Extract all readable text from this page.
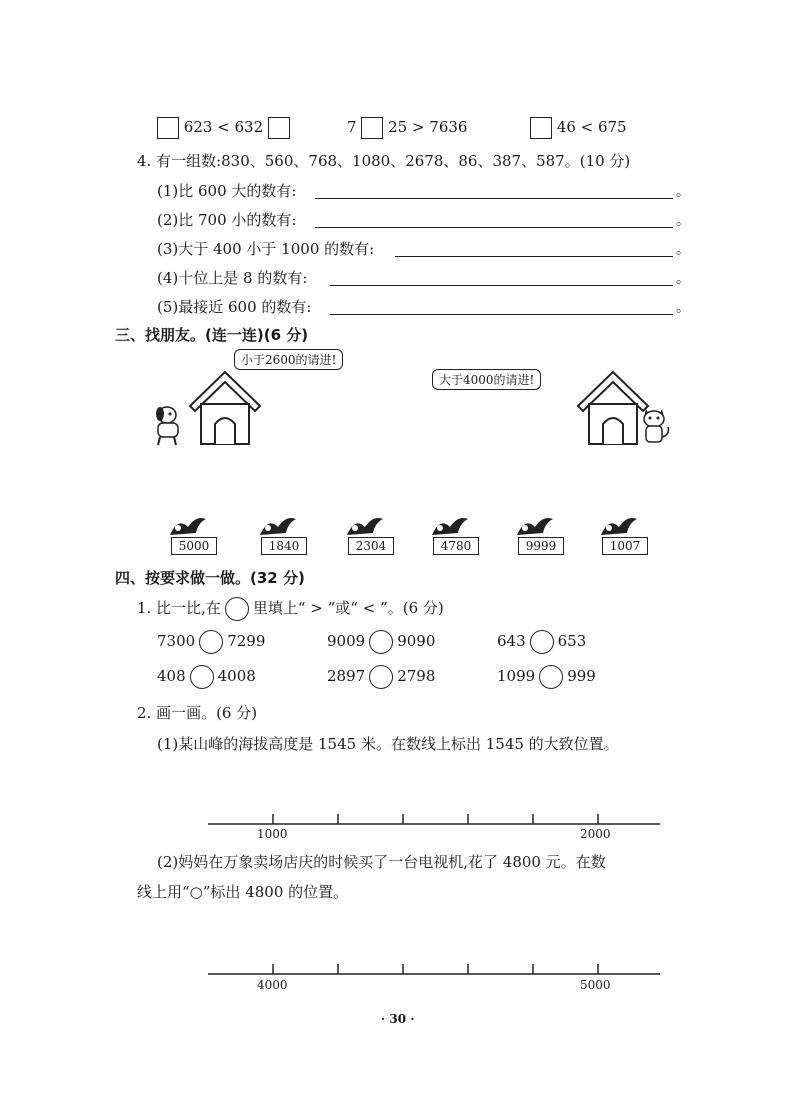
623 < 632	7 25 > 7636	46 < 675
4. 有一组数:830、560、768、1080、2678、86、387、587。(10 分)
(1)比 600 大的数有:	。
(2)比 700 小的数有:	。
(3)大于 400 小于 1000 的数有:	。
(4)十位上是 8 的数有:	。
(5)最接近 600 的数有:	。
三、找朋友。(连一连)(6 分)
小于2600的请进!
大于4000的请进!
5000	1840	2304	4780	9999	1007
四、按要求做一做。(32 分)
1. 比一比,在 里填上“ > ”或“ < ”。(6 分)
7300 7299	9009 9090	643 653
408 4008	2897 2798	1099 999
2. 画一画。(6 分)
(1)某山峰的海拔高度是 1545 米。在数线上标出 1545 的大致位置。
1000	2000
(2)妈妈在万象卖场店庆的时候买了一台电视机,花了 4800 元。在数
线上用“○”标出 4800 的位置。
4000	5000
· 30 ·
